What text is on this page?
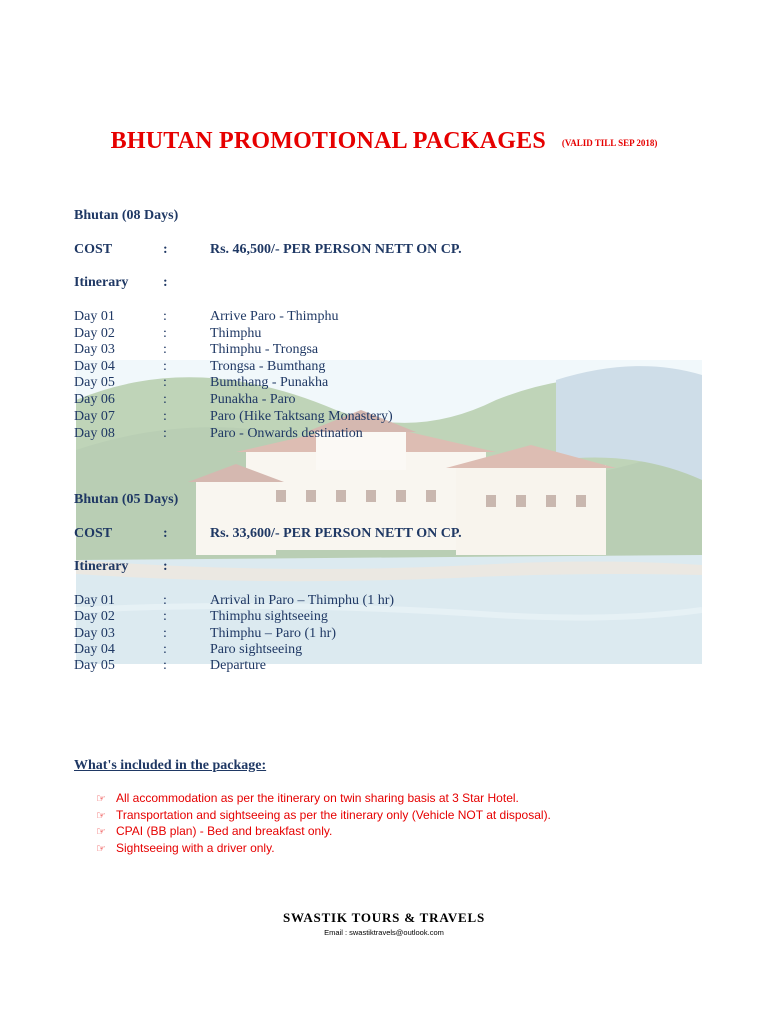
BHUTAN PROMOTIONAL PACKAGES (VALID TILL SEP 2018)
Bhutan (08 Days)
COST	:	Rs. 46,500/- PER PERSON NETT ON CP.
Itinerary :
Day 01	:	Arrive Paro - Thimphu
Day 02	:	Thimphu
Day 03	:	Thimphu - Trongsa
Day 04	:	Trongsa - Bumthang
Day 05	:	Bumthang - Punakha
Day 06	:	Punakha - Paro
Day 07	:	Paro (Hike Taktsang Monastery)
Day 08	:	Paro - Onwards destination
Bhutan (05 Days)
COST	:	Rs. 33,600/- PER PERSON NETT ON CP.
Itinerary :
Day 01	:	Arrival in Paro – Thimphu (1 hr)
Day 02	:	Thimphu sightseeing
Day 03	:	Thimphu – Paro (1 hr)
Day 04	:	Paro sightseeing
Day 05	:	Departure
What's included in the package:
☞ All accommodation as per the itinerary on twin sharing basis at 3 Star Hotel.
☞ Transportation and sightseeing as per the itinerary only (Vehicle NOT at disposal).
☞ CPAI (BB plan) - Bed and breakfast only.
☞ Sightseeing with a driver only.
SWASTIK TOURS & TRAVELS
Email : swastiktravels@outlook.com
